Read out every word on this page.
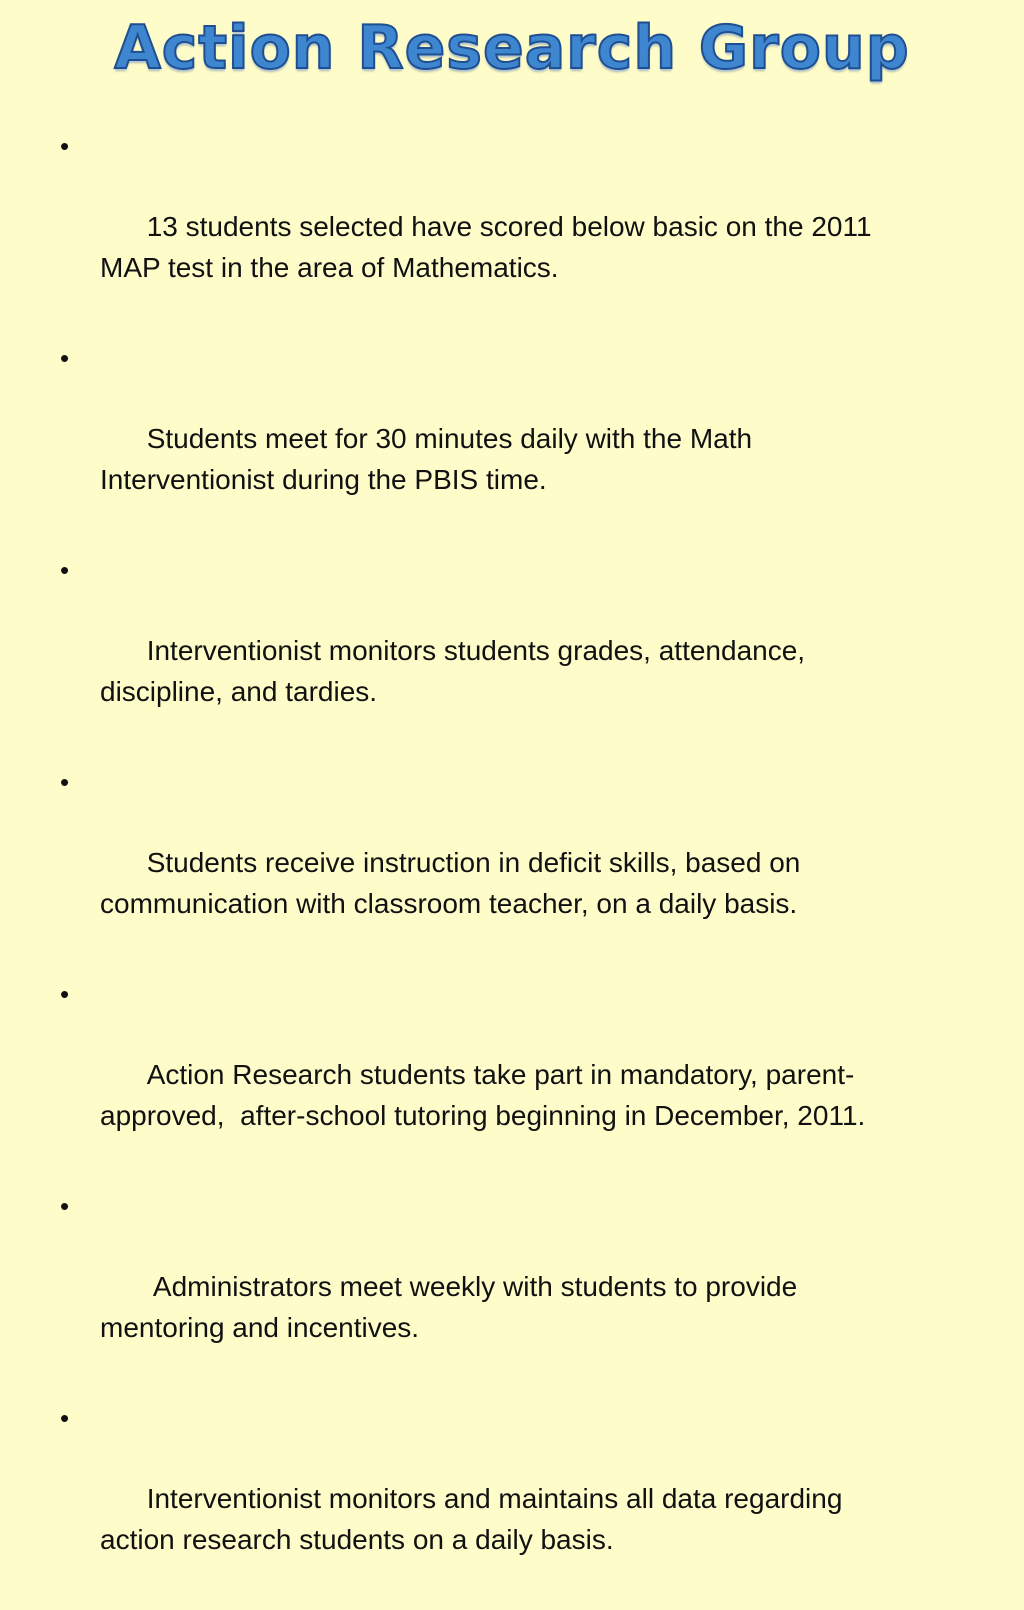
Action Research Group

•

13 students selected have scored below basic on the 2011
MAP test in the area of Mathematics.

•

Students meet for 30 minutes daily with the Math
Interventionist during the PBIS time.

•

Interventionist monitors students grades, attendance,
discipline, and tardies.

•

Students receive instruction in deficit skills, based on
communication with classroom teacher, on a daily basis.

•

Action Research students take part in mandatory, parent-
approved,  after-school tutoring beginning in December, 2011.

•

Administrators meet weekly with students to provide
mentoring and incentives.

•

Interventionist monitors and maintains all data regarding
action research students on a daily basis.
